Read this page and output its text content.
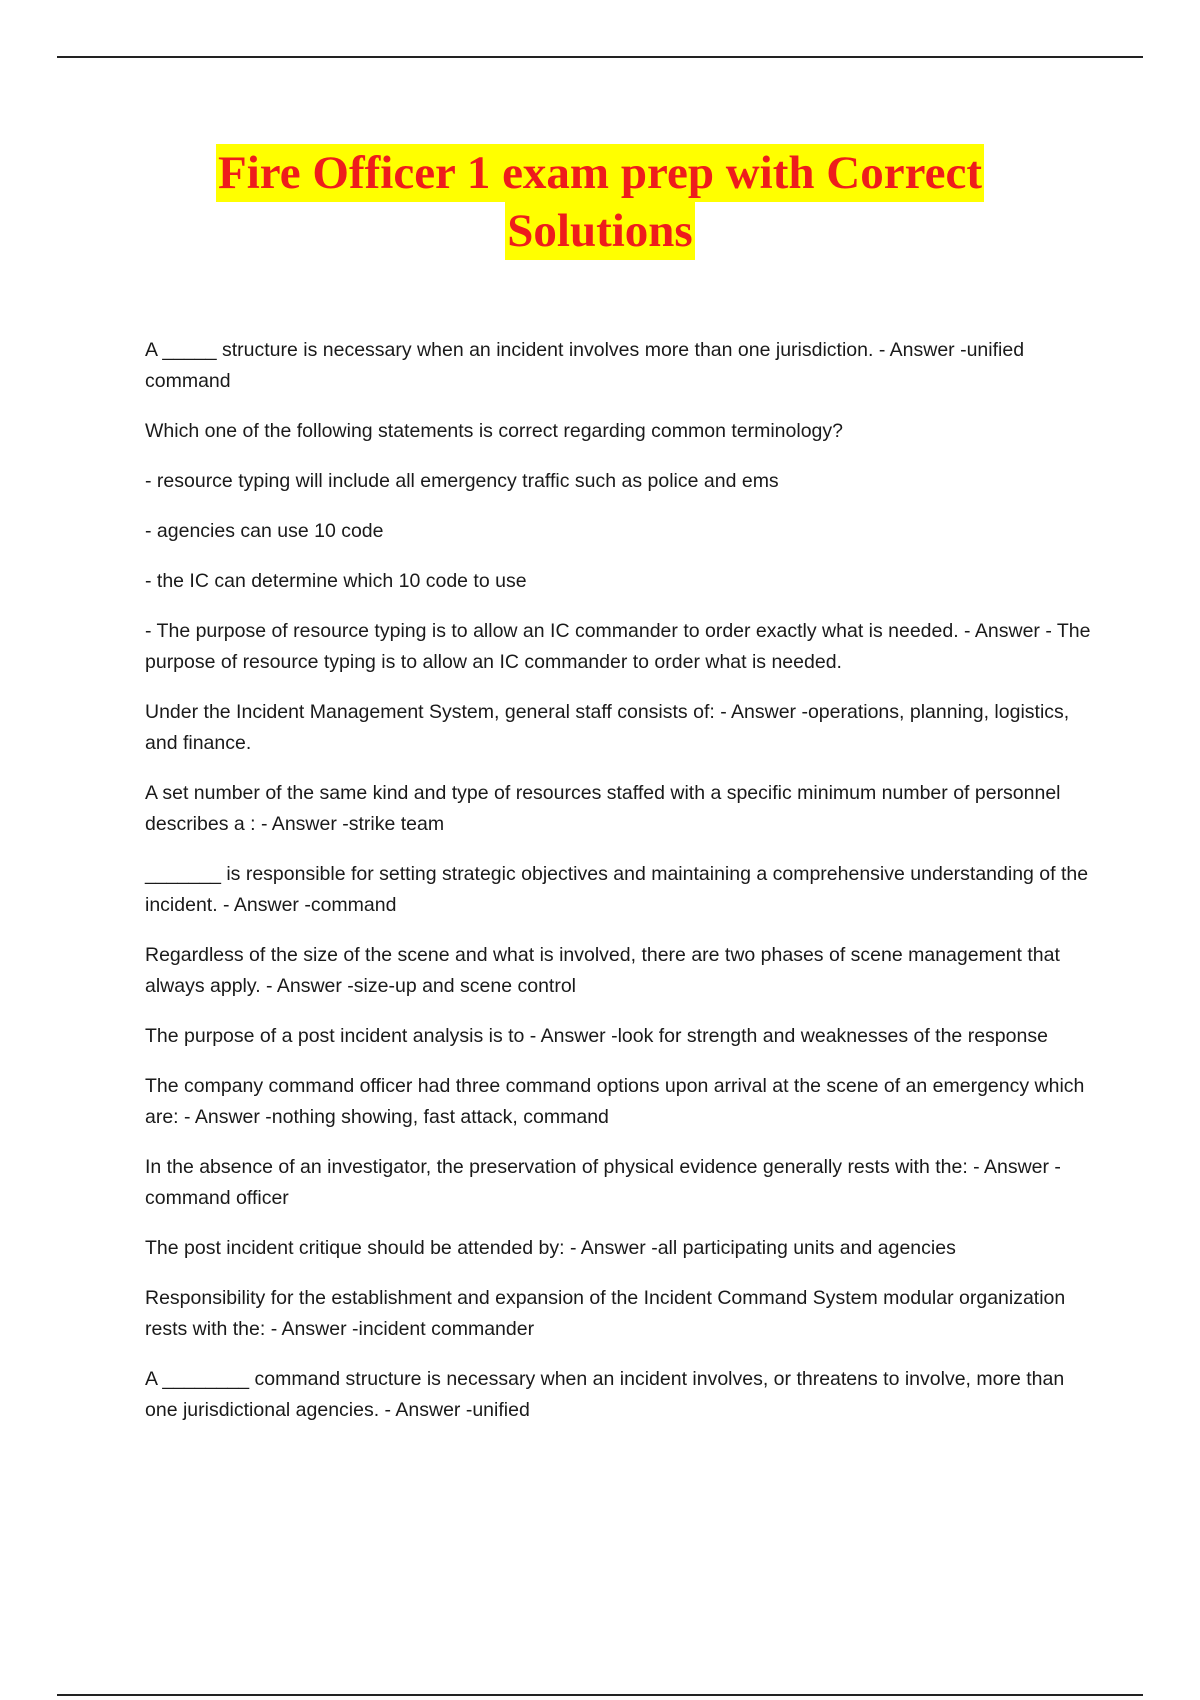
Fire Officer 1 exam prep with Correct
Solutions

A _____ structure is necessary when an incident involves more than one jurisdiction. - Answer -unified command

Which one of the following statements is correct regarding common terminology?

- resource typing will include all emergency traffic such as police and ems

- agencies can use 10 code

- the IC can determine which 10 code to use

- The purpose of resource typing is to allow an IC commander to order exactly what is needed. - Answer - The purpose of resource typing is to allow an IC commander to order what is needed.

Under the Incident Management System, general staff consists of: - Answer -operations, planning, logistics, and finance.

A set number of the same kind and type of resources staffed with a specific minimum number of personnel describes a : - Answer -strike team

_______ is responsible for setting strategic objectives and maintaining a comprehensive understanding of the incident. - Answer -command

Regardless of the size of the scene and what is involved, there are two phases of scene management that always apply. - Answer -size-up and scene control

The purpose of a post incident analysis is to - Answer -look for strength and weaknesses of the response

The company command officer had three command options upon arrival at the scene of an emergency which are: - Answer -nothing showing, fast attack, command

In the absence of an investigator, the preservation of physical evidence generally rests with the: - Answer -command officer

The post incident critique should be attended by: - Answer -all participating units and agencies

Responsibility for the establishment and expansion of the Incident Command System modular organization rests with the: - Answer -incident commander

A ________ command structure is necessary when an incident involves, or threatens to involve, more than one jurisdictional agencies. - Answer -unified
